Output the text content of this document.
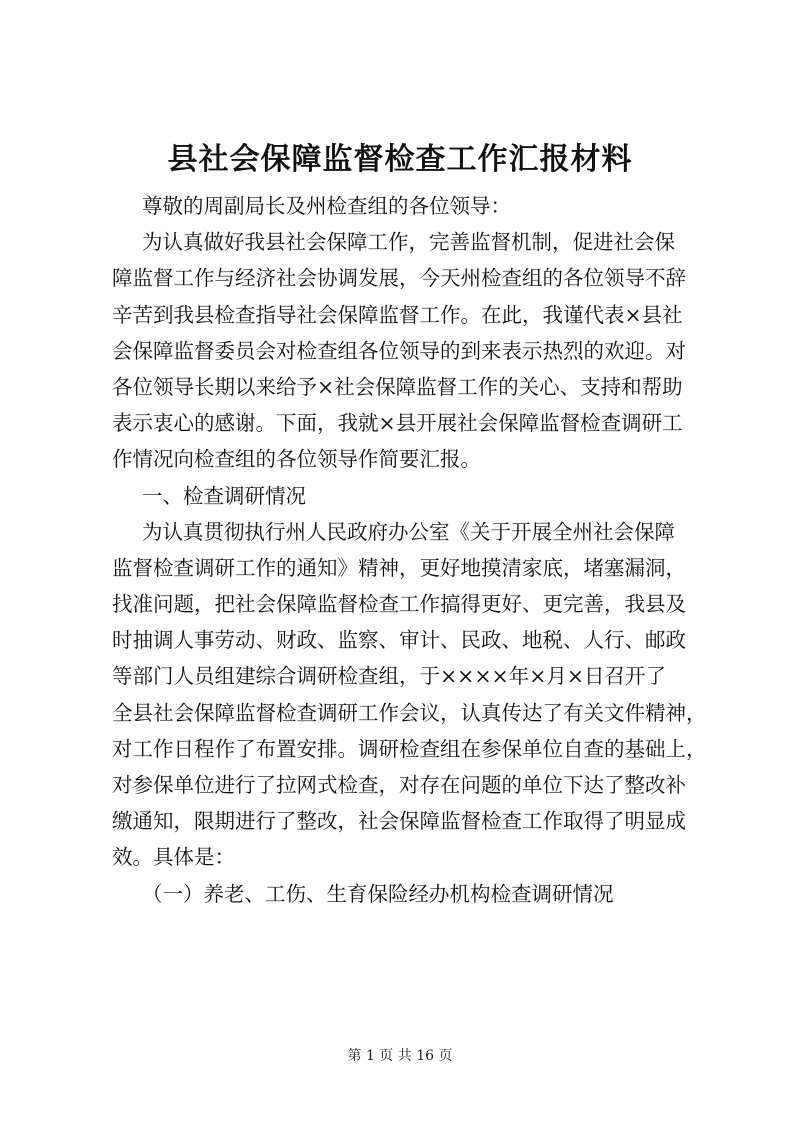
县社会保障监督检查工作汇报材料
尊敬的周副局长及州检查组的各位领导：
为认真做好我县社会保障工作，完善监督机制，促进社会保
障监督工作与经济社会协调发展，今天州检查组的各位领导不辞
辛苦到我县检查指导社会保障监督工作。在此，我谨代表×县社
会保障监督委员会对检查组各位领导的到来表示热烈的欢迎。对
各位领导长期以来给予×社会保障监督工作的关心、支持和帮助
表示衷心的感谢。下面，我就×县开展社会保障监督检查调研工
作情况向检查组的各位领导作简要汇报。
一、检查调研情况
为认真贯彻执行州人民政府办公室《关于开展全州社会保障
监督检查调研工作的通知》精神，更好地摸清家底，堵塞漏洞，
找准问题，把社会保障监督检查工作搞得更好、更完善，我县及
时抽调人事劳动、财政、监察、审计、民政、地税、人行、邮政
等部门人员组建综合调研检查组，于××××年×月×日召开了
全县社会保障监督检查调研工作会议，认真传达了有关文件精神，
对工作日程作了布置安排。调研检查组在参保单位自查的基础上，
对参保单位进行了拉网式检查，对存在问题的单位下达了整改补
缴通知，限期进行了整改，社会保障监督检查工作取得了明显成
效。具体是：
（一）养老、工伤、生育保险经办机构检查调研情况
第 1 页 共 16 页
